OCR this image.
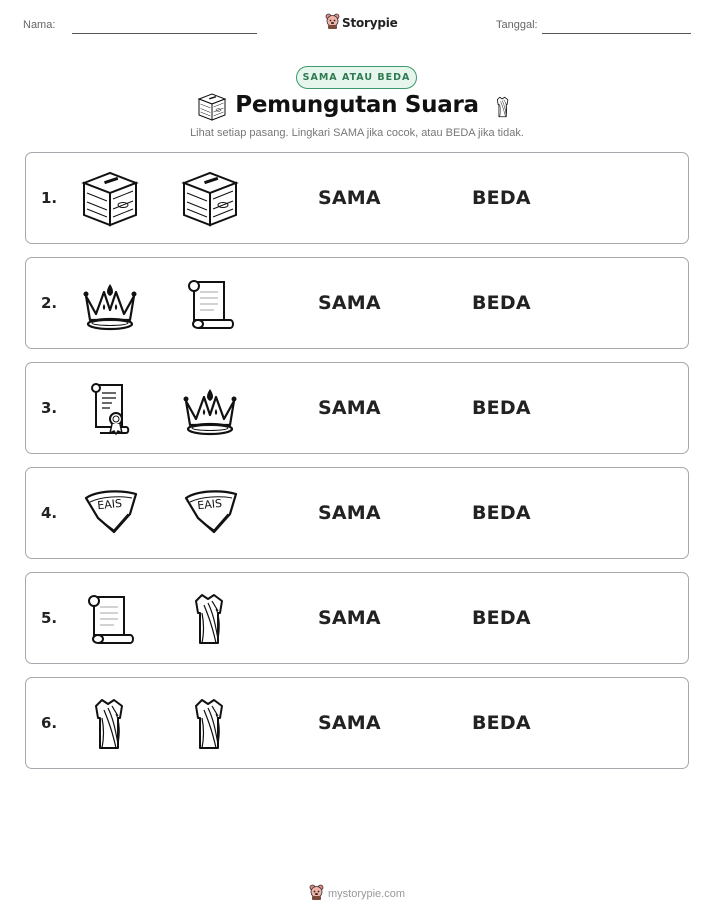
Nama:	Storypie	Tanggal:
SAMA ATAU BEDA
Pemungutan Suara
Lihat setiap pasang. Lingkari SAMA jika cocok, atau BEDA jika tidak.
1.	SAMA	BEDA
2.	SAMA	BEDA
3.	SAMA	BEDA
4.	EAIS	EAIS	SAMA	BEDA
5.	SAMA	BEDA
6.	SAMA	BEDA
mystorypie.com
